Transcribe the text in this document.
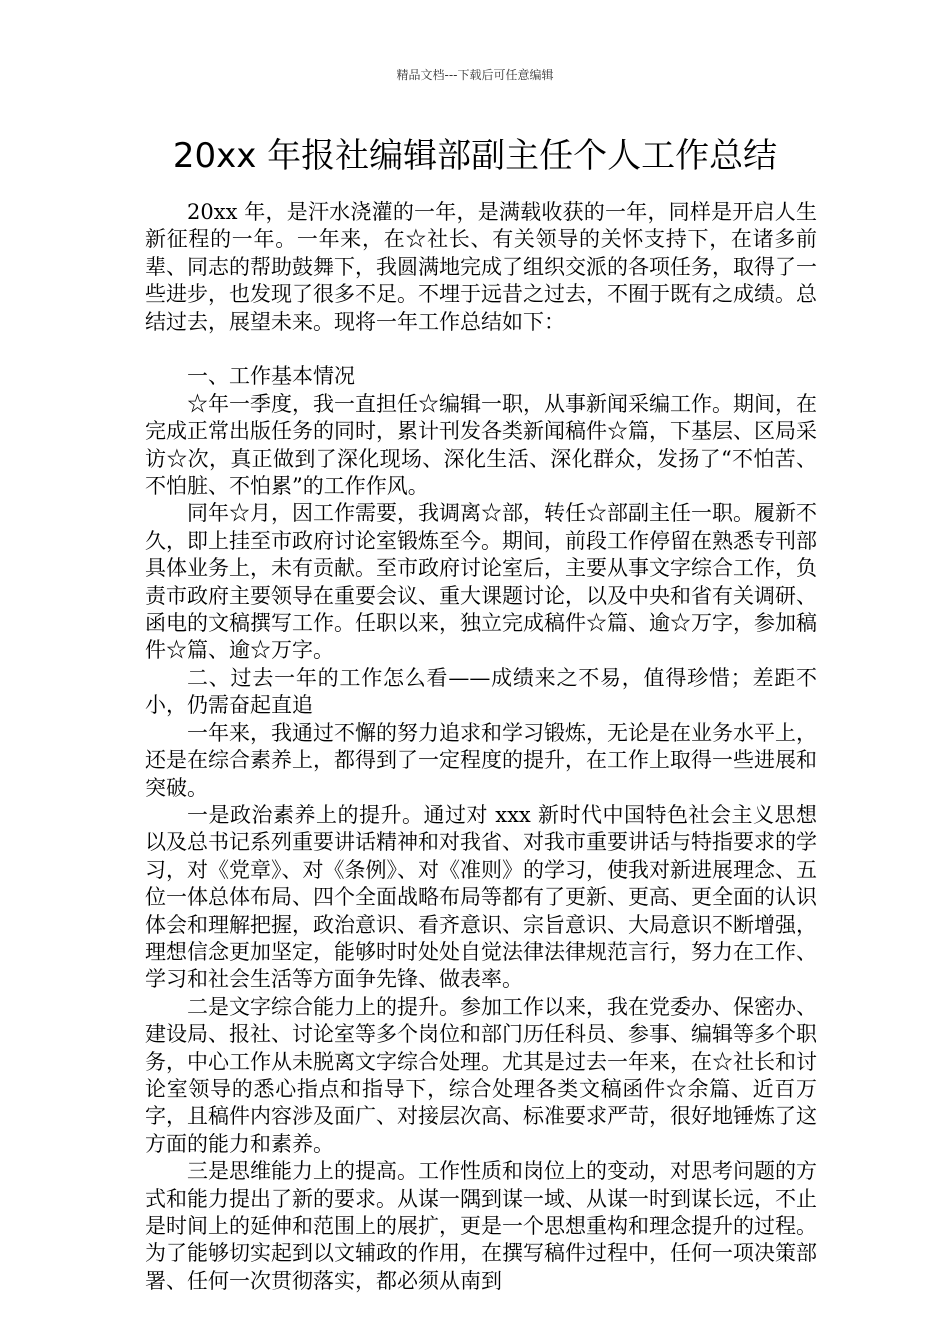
精品文档---下载后可任意编辑
20xx 年报社编辑部副主任个人工作总结

20xx 年，是汗水浇灌的一年，是满载收获的一年，同样是开启人生新征程的一年。一年来，在☆社长、有关领导的关怀支持下，在诸多前辈、同志的帮助鼓舞下，我圆满地完成了组织交派的各项任务，取得了一些进步，也发现了很多不足。不埋于远昔之过去，不囿于既有之成绩。总结过去，展望未来。现将一年工作总结如下：

一、工作基本情况

☆年一季度，我一直担任☆编辑一职，从事新闻采编工作。期间，在完成正常出版任务的同时，累计刊发各类新闻稿件☆篇，下基层、区局采访☆次，真正做到了深化现场、深化生活、深化群众，发扬了“不怕苦、不怕脏、不怕累”的工作作风。

同年☆月，因工作需要，我调离☆部，转任☆部副主任一职。履新不久，即上挂至市政府讨论室锻炼至今。期间，前段工作停留在熟悉专刊部具体业务上，未有贡献。至市政府讨论室后，主要从事文字综合工作，负责市政府主要领导在重要会议、重大课题讨论，以及中央和省有关调研、函电的文稿撰写工作。任职以来，独立完成稿件☆篇、逾☆万字，参加稿件☆篇、逾☆万字。

二、过去一年的工作怎么看——成绩来之不易，值得珍惜；差距不小，仍需奋起直追

一年来，我通过不懈的努力追求和学习锻炼，无论是在业务水平上，还是在综合素养上，都得到了一定程度的提升，在工作上取得一些进展和突破。

一是政治素养上的提升。通过对 xxx 新时代中国特色社会主义思想以及总书记系列重要讲话精神和对我省、对我市重要讲话与特指要求的学习，对《党章》、对《条例》、对《准则》的学习，使我对新进展理念、五位一体总体布局、四个全面战略布局等都有了更新、更高、更全面的认识体会和理解把握，政治意识、看齐意识、宗旨意识、大局意识不断增强，理想信念更加坚定，能够时时处处自觉法律法律规范言行，努力在工作、学习和社会生活等方面争先锋、做表率。

二是文字综合能力上的提升。参加工作以来，我在党委办、保密办、建设局、报社、讨论室等多个岗位和部门历任科员、参事、编辑等多个职务，中心工作从未脱离文字综合处理。尤其是过去一年来，在☆社长和讨论室领导的悉心指点和指导下，综合处理各类文稿函件☆余篇、近百万字，且稿件内容涉及面广、对接层次高、标准要求严苛，很好地锤炼了这方面的能力和素养。

三是思维能力上的提高。工作性质和岗位上的变动，对思考问题的方式和能力提出了新的要求。从谋一隅到谋一域、从谋一时到谋长远，不止是时间上的延伸和范围上的展扩，更是一个思想重构和理念提升的过程。为了能够切实起到以文辅政的作用，在撰写稿件过程中，任何一项决策部署、任何一次贯彻落实，都必须从南到
